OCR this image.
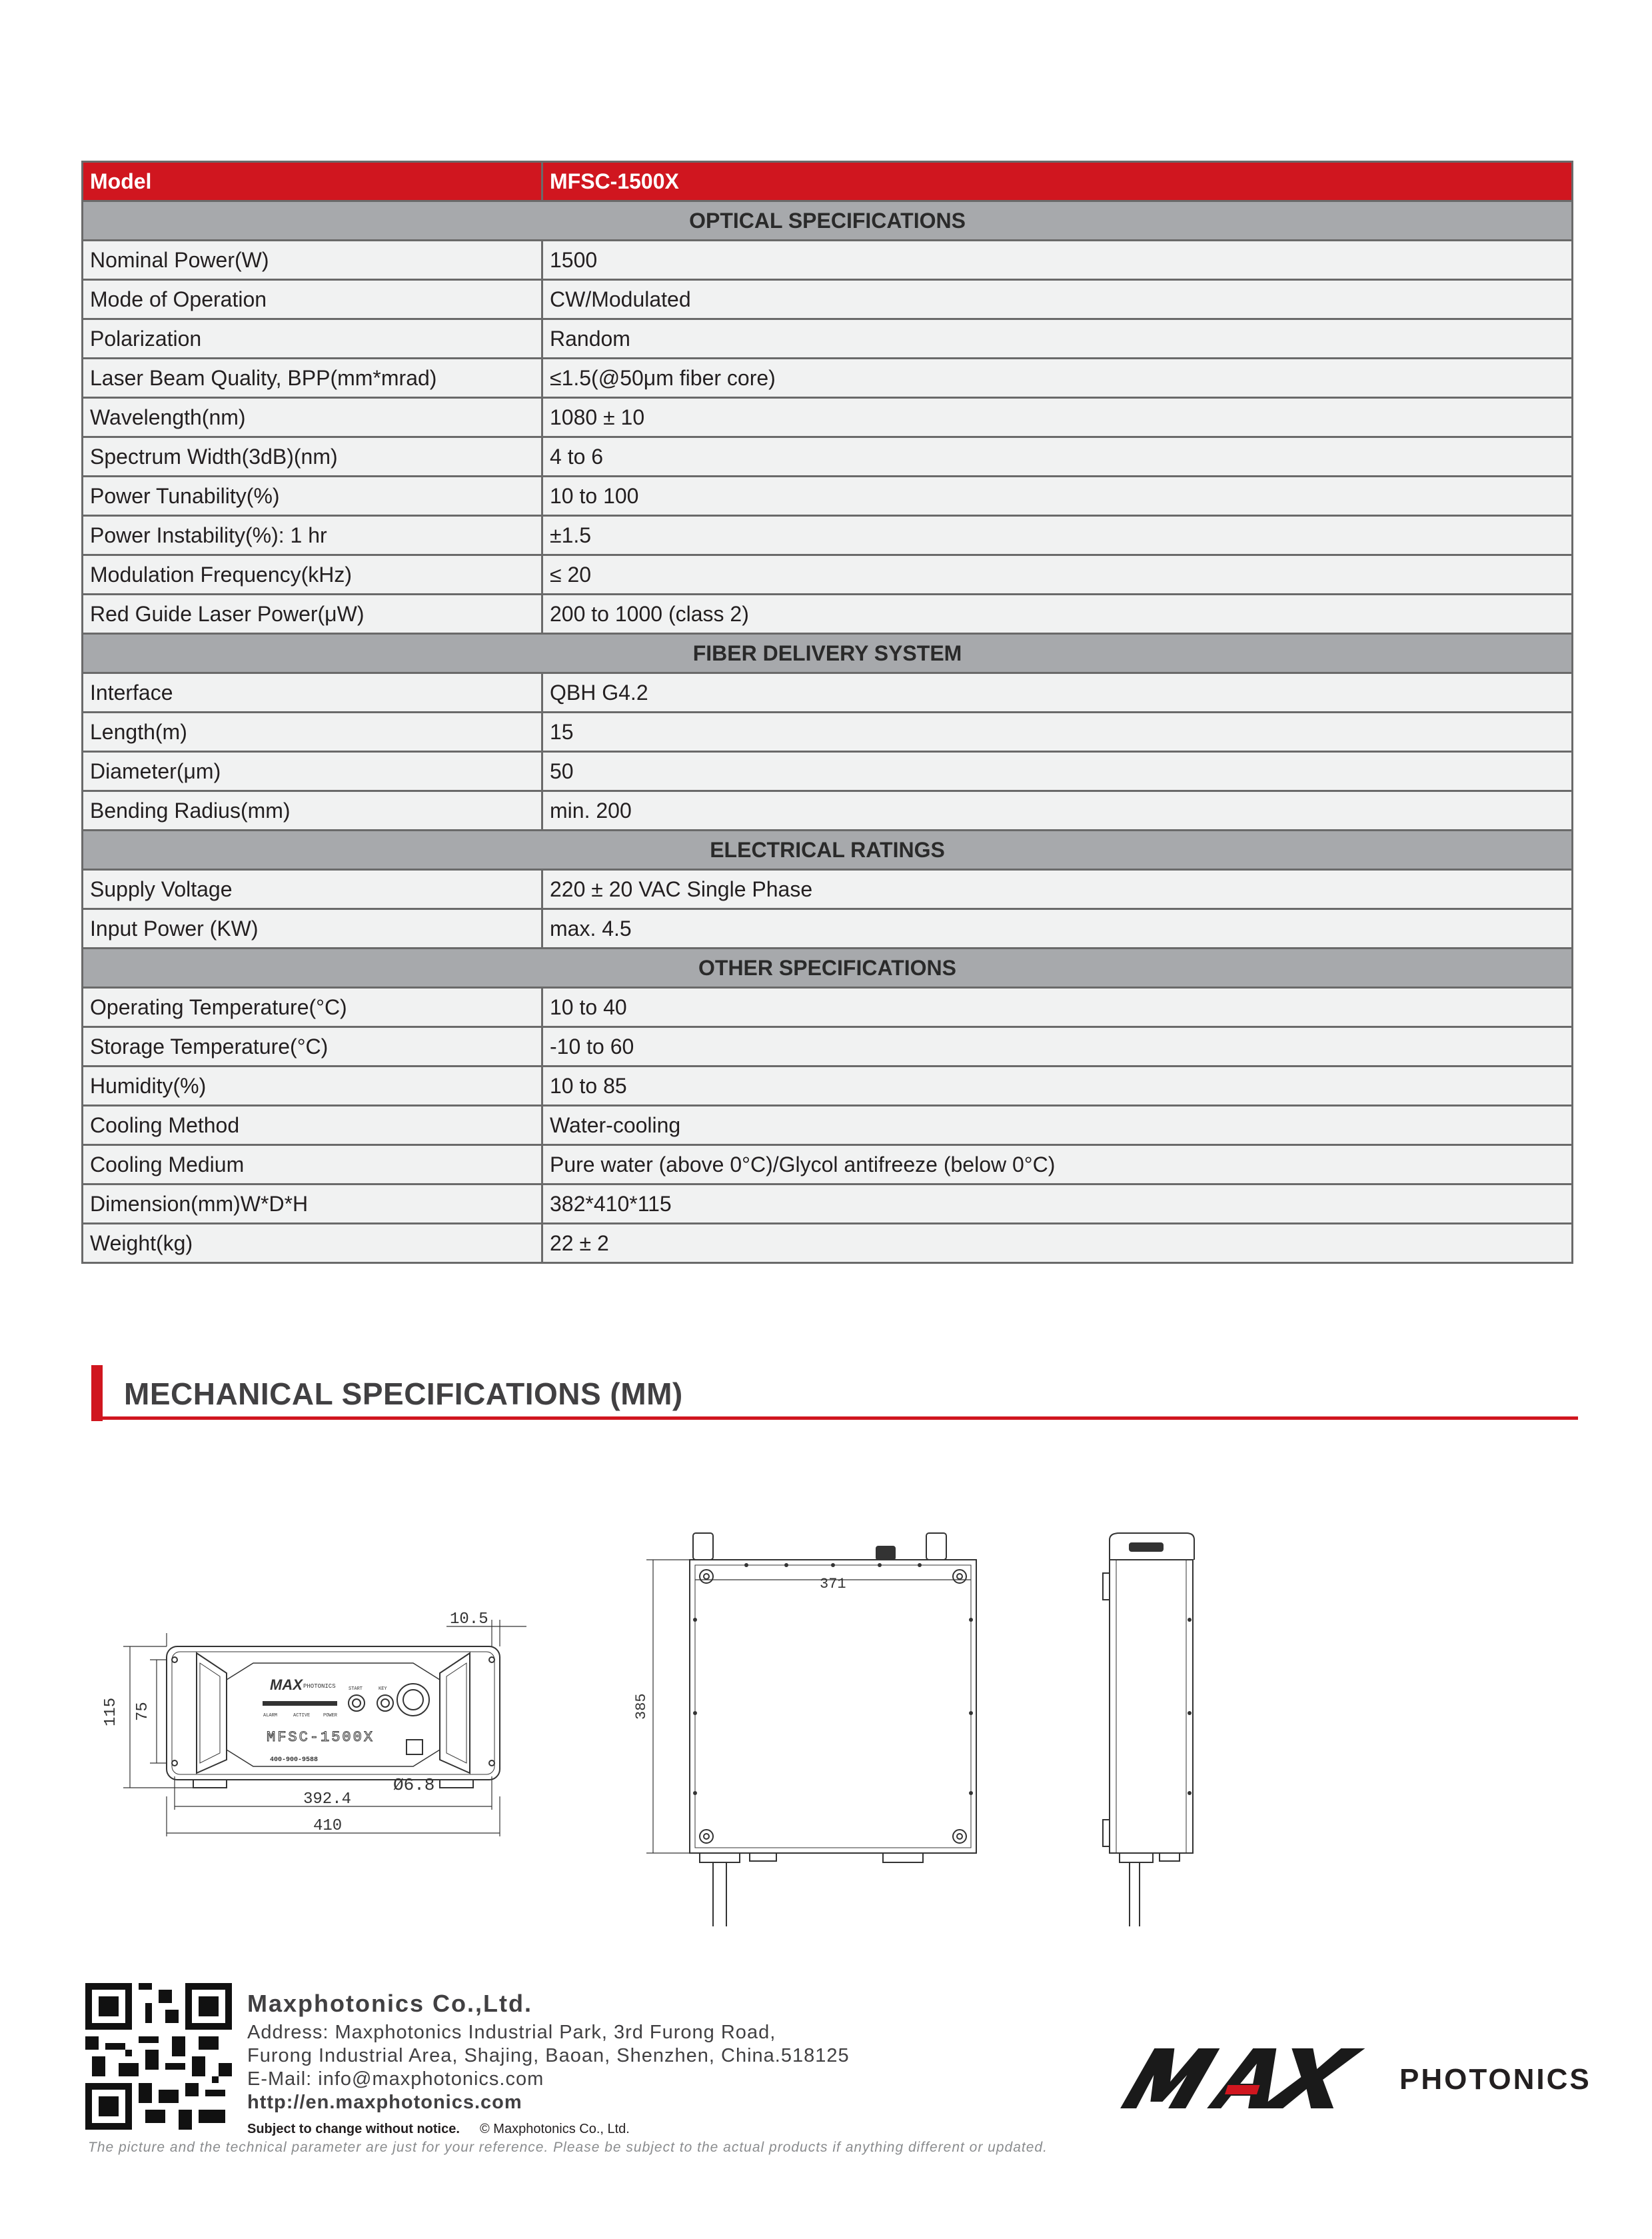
Model	MFSC-1500X
OPTICAL SPECIFICATIONS	
Nominal Power(W)	1500
Mode of Operation	CW/Modulated
Polarization	Random
Laser Beam Quality, BPP(mm*mrad)	≤1.5(@50μm fiber core)
Wavelength(nm)	1080 ± 10
Spectrum Width(3dB)(nm)	4 to 6
Power Tunability(%)	10 to 100
Power Instability(%): 1 hr	±1.5
Modulation Frequency(kHz)	≤ 20
Red Guide Laser Power(μW)	200 to 1000 (class 2)
FIBER DELIVERY SYSTEM	
Interface	QBH G4.2
Length(m)	15
Diameter(μm)	50
Bending Radius(mm)	min. 200
ELECTRICAL RATINGS	
Supply Voltage	220 ± 20 VAC Single Phase
Input Power (KW)	max. 4.5
OTHER SPECIFICATIONS	
Operating Temperature(°C)	10 to 40
Storage Temperature(°C)	-10 to 60
Humidity(%)	10 to 85
Cooling Method	Water-cooling
Cooling Medium	Pure water (above 0°C)/Glycol antifreeze (below 0°C)
Dimension(mm)W*D*H	382*410*115
Weight(kg)	22 ± 2
MECHANICAL SPECIFICATIONS (MM)
MAX PHOTONICS
ALARM	ACTIVE	POWER
START	KEY
MFSC-1500X
400-900-9588
10.5
115 75
Ø6.8
392.4
410
371
385
Maxphotonics Co.,Ltd.
Address: Maxphotonics Industrial Park, 3rd Furong Road,
Furong Industrial Area, Shajing, Baoan, Shenzhen, China.518125
E-Mail: info@maxphotonics.com
http://en.maxphotonics.com
Subject to change without notice. © Maxphotonics Co., Ltd.
The picture and the technical parameter are just for your reference. Please be subject to the actual products if anything different or updated.
PHOTONICS
